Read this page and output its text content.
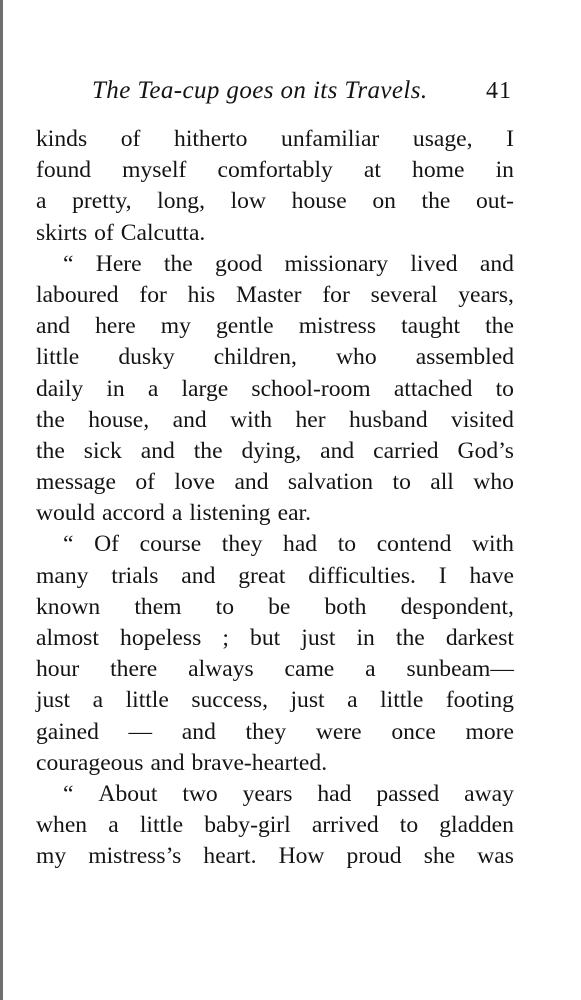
The Tea-cup goes on its Travels. 41
kinds of hitherto unfamiliar usage, I
found myself comfortably at home in
a pretty, long, low house on the out-
skirts of Calcutta.
“ Here the good missionary lived and
laboured for his Master for several years,
and here my gentle mistress taught the
little dusky children, who assembled
daily in a large school-room attached to
the house, and with her husband visited
the sick and the dying, and carried God’s
message of love and salvation to all who
would accord a listening ear.
“ Of course they had to contend with
many trials and great difficulties. I have
known them to be both despondent,
almost hopeless ; but just in the darkest
hour there always came a sunbeam—
just a little success, just a little footing
gained — and they were once more
courageous and brave-hearted.
“ About two years had passed away
when a little baby-girl arrived to gladden
my mistress’s heart. How proud she was
